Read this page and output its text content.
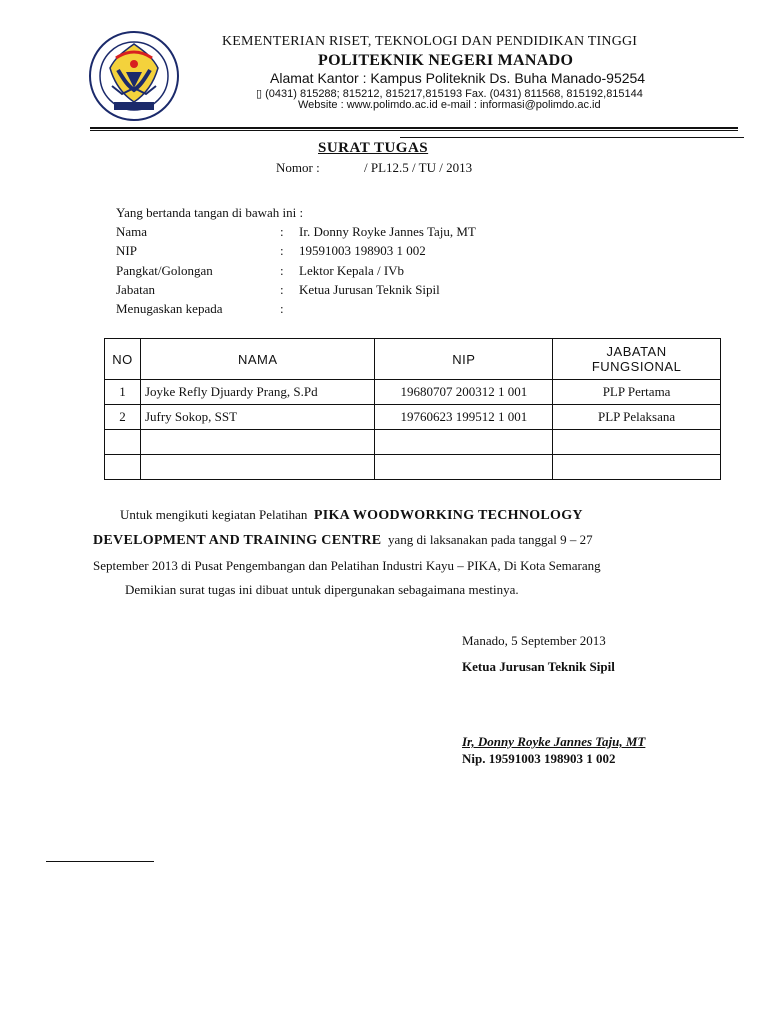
KEMENTERIAN RISET, TEKNOLOGI DAN PENDIDIKAN TINGGI
POLITEKNIK NEGERI MANADO
Alamat Kantor : Kampus Politeknik Ds. Buha Manado-95254
▯ (0431) 815288; 815212, 815217,815193 Fax. (0431) 811568, 815192,815144
Website : www.polimdo.ac.id e-mail : informasi@polimdo.ac.id
SURAT TUGAS
Nomor :	/ PL12.5 / TU / 2013
Yang bertanda tangan di bawah ini :
Nama	: Ir. Donny Royke Jannes Taju, MT
NIP	: 19591003 198903 1 002
Pangkat/Golongan	: Lektor Kepala / IVb
Jabatan	: Ketua Jurusan Teknik Sipil
Menugaskan kepada	:
NO	NAMA	NIP	JABATAN
FUNGSIONAL

1	Joyke Refly Djuardy Prang, S.Pd	19680707 200312 1 001	PLP Pertama
2	Jufry Sokop, SST	19760623 199512 1 001	PLP Pelaksana

Untuk mengikuti kegiatan Pelatihan PIKA WOODWORKING TECHNOLOGY
DEVELOPMENT AND TRAINING CENTRE yang di laksanakan pada tanggal 9 – 27
September 2013 di Pusat Pengembangan dan Pelatihan Industri Kayu – PIKA, Di Kota Semarang
Demikian surat tugas ini dibuat untuk dipergunakan sebagaimana mestinya.
Manado, 5 September 2013
Ketua Jurusan Teknik Sipil
Ir, Donny Royke Jannes Taju, MT
Nip. 19591003 198903 1 002
